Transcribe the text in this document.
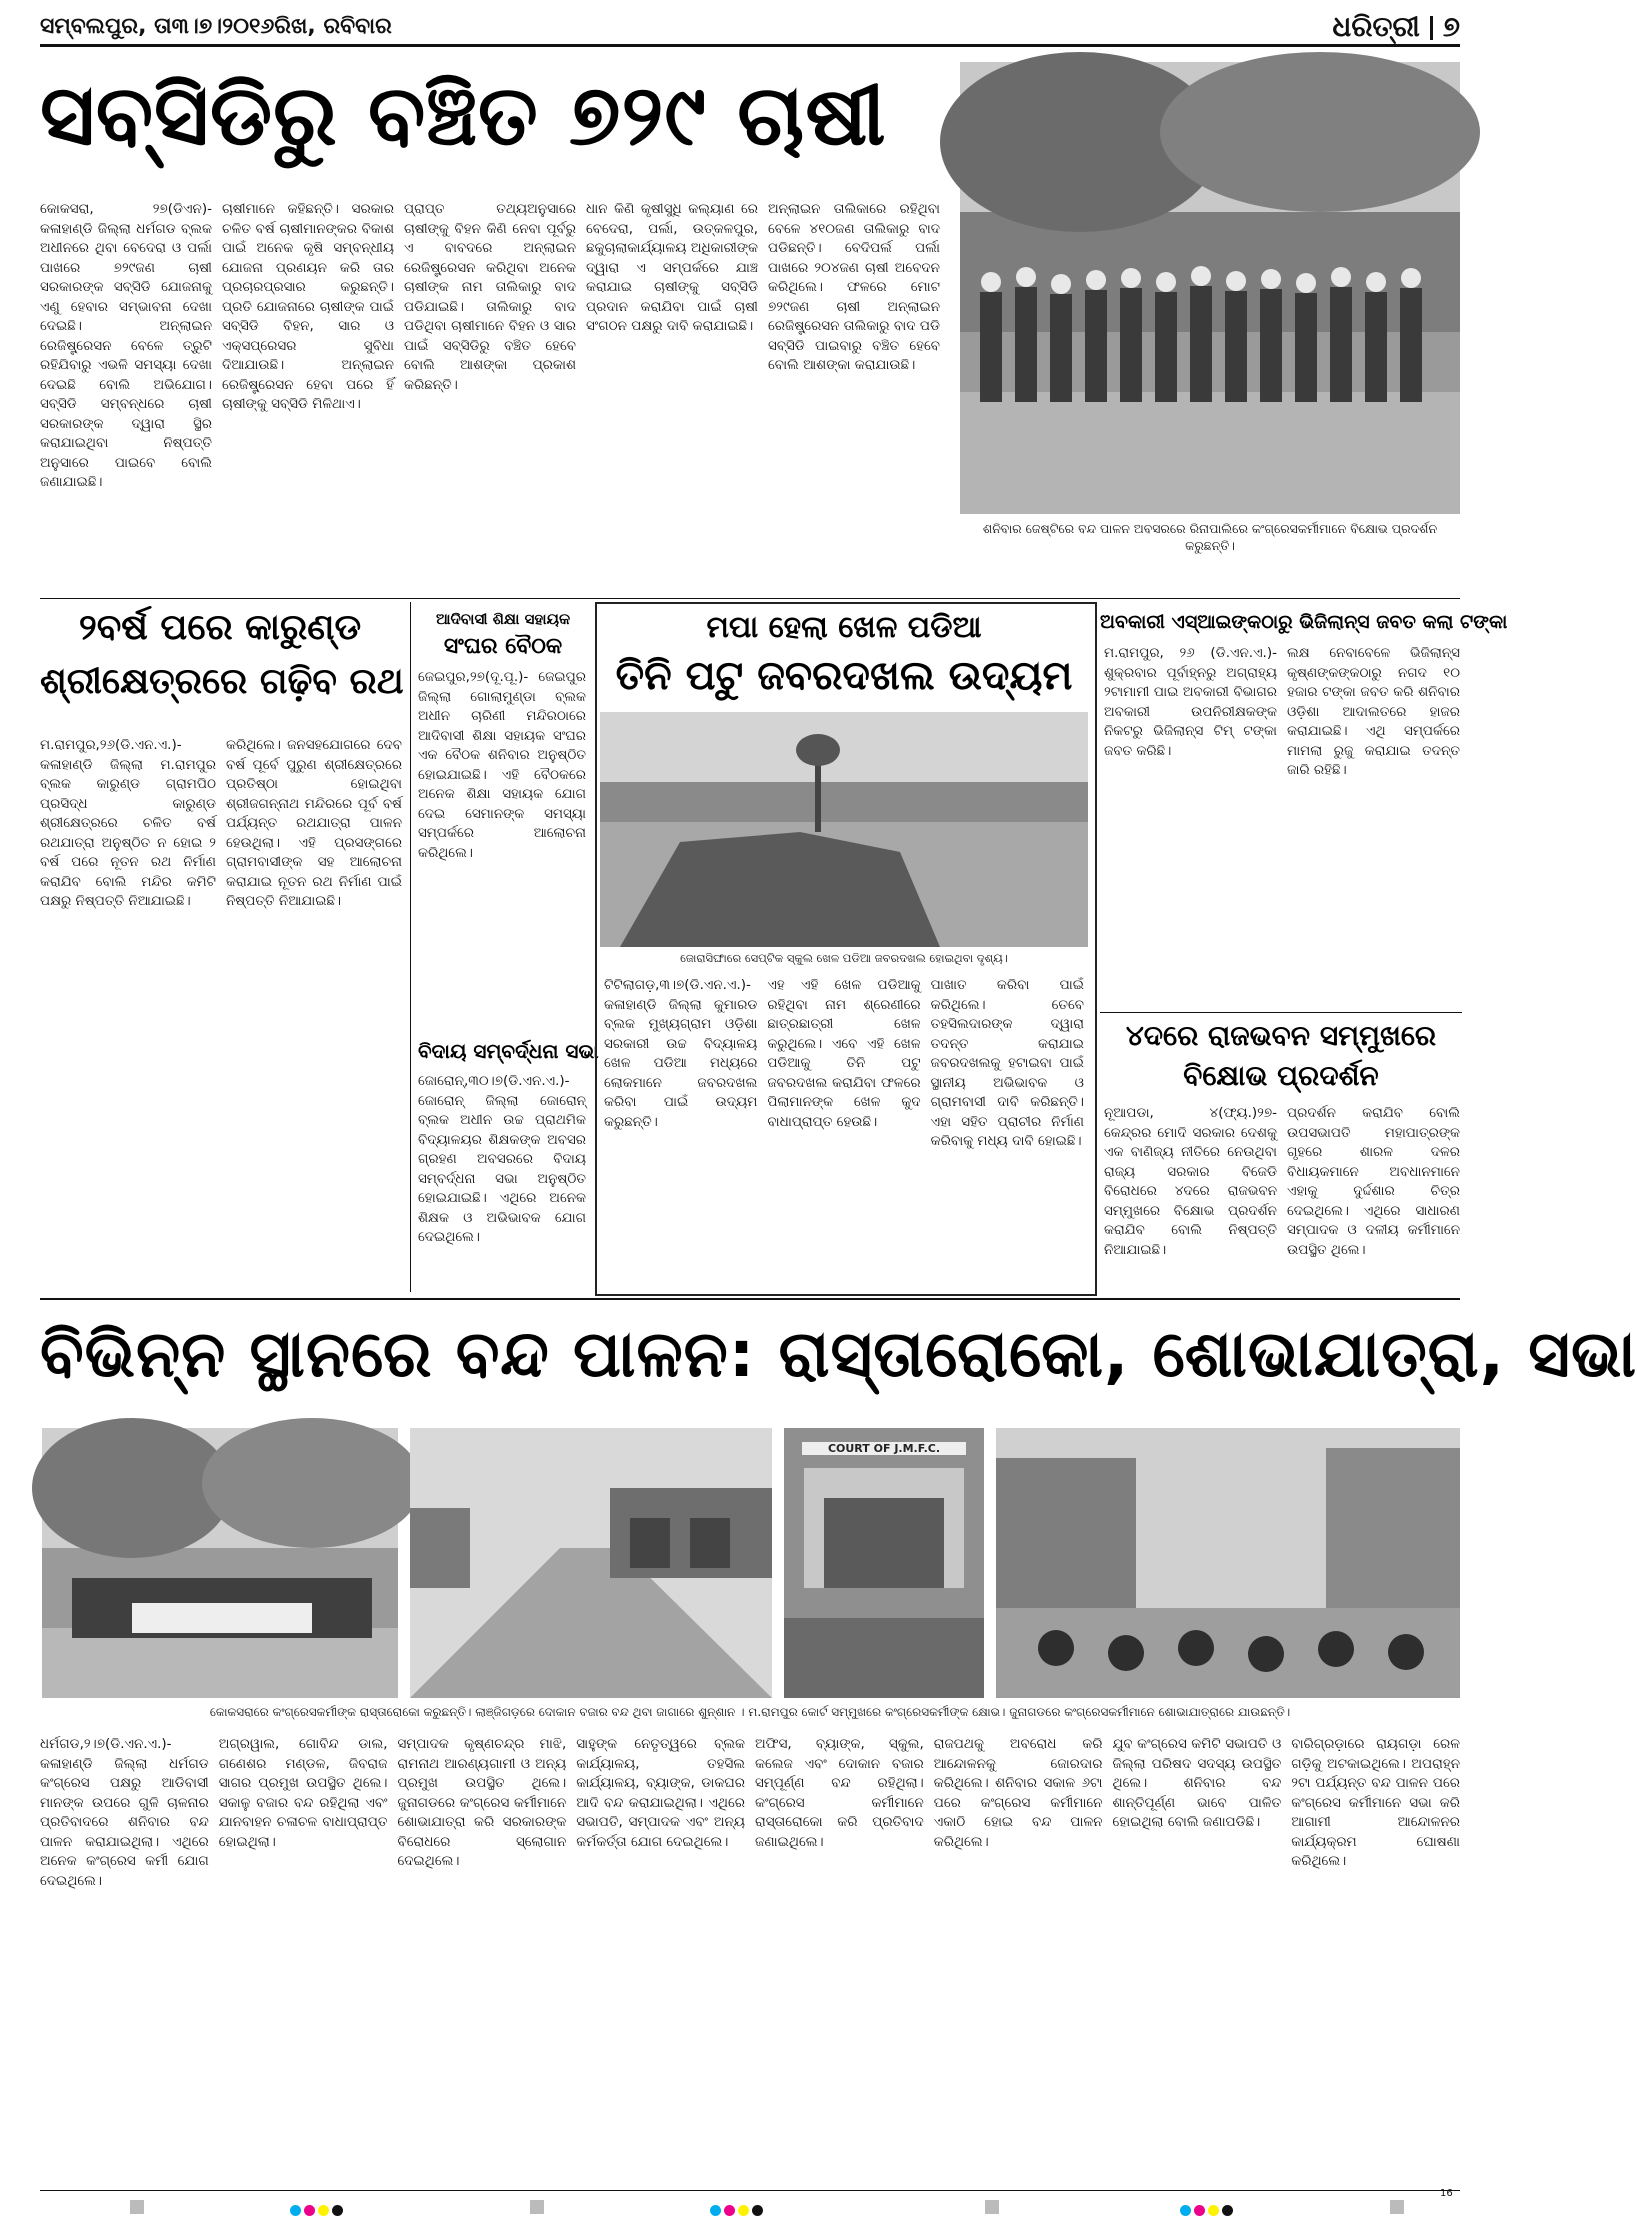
ସମ୍ବଲପୁର, ତା୩।୭।୨୦୧୬ରିଖ, ରବିବାର	ଧରିତ୍ରୀ ୭
ସବ୍‌ସିଡିରୁ ବଞ୍ଚିତ ୭୨୯ ଚାଷୀ
କୋକସରା, ୨୭(ଡିଏନ)- କଳାହାଣ୍ଡି ଜିଲ୍ଲା ଧର୍ମଗଡ ବ୍ଲକ ଅଧୀନରେ ଥିବା ବେଦେରା ଓ ପର୍ଲା ପାଖରେ ୭୨୯ଜଣ ଚାଷୀ ସରକାରଙ୍କ ସବ୍‌ସିଡି ଯୋଜନାକୁ ଏଣୁ ହେବାର ସମ୍ଭାବନା ଦେଖା ଦେଇଛି। ଅନ୍‌ଲାଇନ ରେଜିଷ୍ଟ୍ରେସନ ବେଳେ ତ୍ରୁଟି ରହିଯିବାରୁ ଏଭଳି ସମସ୍ୟା ଦେଖା ଦେଇଛି ବୋଲି ଅଭିଯୋଗ। ସବ୍‌ସିଡି ସମ୍ବନ୍ଧରେ ଚାଷୀ ସରକାରଙ୍କ ଦ୍ୱାରା ସ୍ଥିର କରାଯାଇଥିବା ନିଷ୍ପତ୍ତି ଅନୁସାରେ ପାଇବେ ବୋଲି ଜଣାଯାଇଛି।
ଚାଷୀମାନେ କହିଛନ୍ତି। ସରକାର ଚଳିତ ବର୍ଷ ଚାଷୀମାନଙ୍କର ବିକାଶ ପାଇଁ ଅନେକ କୃଷି ସମ୍ବନ୍ଧୀୟ ଯୋଜନା ପ୍ରଣୟନ କରି ତାର ପ୍ରଚାରପ୍ରସାର କରୁଛନ୍ତି। ପ୍ରତି ଯୋଜନାରେ ଚାଷୀଙ୍କ ପାଇଁ ସବ୍‌ସିଡି ବିହନ, ସାର ଓ ଏକ୍ସପ୍ରେସର ସୁବିଧା ଦିଆଯାଉଛି। ଅନ୍‌ଲାଇନ ରେଜିଷ୍ଟ୍ରେସନ ହେବା ପରେ ହିଁ ଚାଷୀଙ୍କୁ ସବ୍‌ସିଡି ମିଳିଥାଏ।
ପ୍ରାପ୍ତ ତଥ୍ୟଅନୁସାରେ ଚାଷୀଙ୍କୁ ବିହନ କିଣି ନେବା ପୂର୍ବରୁ ଏ ବାବଦରେ ଅନ୍‌ଲାଇନ ରେଜିଷ୍ଟ୍ରେସନ କରିଥିବା ଅନେକ ଚାଷୀଙ୍କ ନାମ ତାଲିକାରୁ ବାଦ ପଡିଯାଇଛି। ତାଲିକାରୁ ବାଦ ପଡିଥିବା ଚାଷୀମାନେ ବିହନ ଓ ସାର ପାଇଁ ସବ୍‌ସିଡିରୁ ବଞ୍ଚିତ ହେବେ ବୋଲି ଆଶଙ୍କା ପ୍ରକାଶ କରିଛନ୍ତି।
ଧାନ କିଣି କୃଷୀସୁଧି କଲ୍ୟାଣ ରେ ବେଦେରା, ପର୍ଲା, ଉତ୍କଳପୁର, ଛକୁଚାଲାକାର୍ଯ୍ୟାଳୟ ଅଧିକାରୀଙ୍କ ଦ୍ୱାରା ଏ ସମ୍ପର୍କରେ ଯାଞ୍ଚ କରାଯାଇ ଚାଷୀଙ୍କୁ ସବ୍‌ସିଡି ପ୍ରଦାନ କରାଯିବା ପାଇଁ ଚାଷୀ ସଂଗଠନ ପକ୍ଷରୁ ଦାବି କରାଯାଇଛି।
ଅନ୍‌ଲାଇନ ତାଲିକାରେ ରହିଥିବା ବେଳେ ୪୧୦ଜଣ ତାଲିକାରୁ ବାଦ ପଡିଛନ୍ତି। ବେଦିପର୍ଲ ପର୍ଲା ପାଖରେ ୨୦୪ଜଣ ଚାଷୀ ଅବେଦନ କରିଥିଲେ। ଫଳରେ ମୋଟ ୭୨୯ଜଣ ଚାଷୀ ଅନ୍‌ଲାଇନ ରେଜିଷ୍ଟ୍ରେସନ ତାଲିକାରୁ ବାଦ ପଡି ସବ୍‌ସିଡି ପାଇବାରୁ ବଞ୍ଚିତ ହେବେ ବୋଲି ଆଶଙ୍କା କରାଯାଉଛି।
ଶନିବାର ଜେଷ୍ଟିରେ ବନ୍ଦ ପାଳନ ଅବସରରେ ରିନାପାଲିରେ କଂଗ୍ରେସକର୍ମୀମାନେ ବିକ୍ଷୋଭ ପ୍ରଦର୍ଶନ କରୁଛନ୍ତି।
୨ବର୍ଷ ପରେ କାରୁଣ୍ଡ
ଶ୍ରୀକ୍ଷେତ୍ରରେ ଗଢ଼ିବ ରଥ
ମ.ରାମପୁର,୨୬(ଡି.ଏନ.ଏ.)- କଳାହାଣ୍ଡି ଜିଲ୍ଲା ମ.ରାମପୁର ବ୍ଲକ କାରୁଣ୍ଡ ଗ୍ରାମପିଠ ପ୍ରସିଦ୍ଧ କାରୁଣ୍ଡ ଶ୍ରୀକ୍ଷେତ୍ରରେ ଚଳିତ ବର୍ଷ ରଥଯାତ୍ରା ଅନୁଷ୍ଠିତ ନ ହୋଇ ୨ ବର୍ଷ ପରେ ନୂତନ ରଥ ନିର୍ମାଣ କରାଯିବ ବୋଲି ମନ୍ଦିର କମିଟି ପକ୍ଷରୁ ନିଷ୍ପତ୍ତି ନିଆଯାଇଛି।
କରିଥିଲେ। ଜନସହଯୋଗରେ ଦେବ ବର୍ଷ ପୂର୍ବେ ପୁରୁଣ ଶ୍ରୀକ୍ଷେତ୍ରରେ ପ୍ରତିଷ୍ଠା ହୋଇଥିବା ଶ୍ରୀଜଗନ୍ନାଥ ମନ୍ଦିରରେ ପୂର୍ବ ବର୍ଷ ପର୍ଯ୍ୟନ୍ତ ରଥଯାତ୍ରା ପାଳନ ହେଉଥିଲା। ଏହି ପ୍ରସଙ୍ଗରେ ଗ୍ରାମବାସୀଙ୍କ ସହ ଆଲୋଚନା କରାଯାଇ ନୂତନ ରଥ ନିର୍ମାଣ ପାଇଁ ନିଷ୍ପତ୍ତି ନିଆଯାଇଛି।
ଆଦିବାସୀ ଶିକ୍ଷା ସହାୟକ
ସଂଘର ବୈଠକ
ଜେଇପୁର,୨୭(ଦୂ.ପୂ.)- ଜେଇପୁର ଜିଲ୍ଲା ଗୋଲାମୁଣ୍ଡା ବ୍ଲକ ଅଧୀନ ଚାରିଣୀ ମନ୍ଦିରଠାରେ ଆଦିବାସୀ ଶିକ୍ଷା ସହାୟକ ସଂଘର ଏକ ବୈଠକ ଶନିବାର ଅନୁଷ୍ଠିତ ହୋଇଯାଇଛି। ଏହି ବୈଠକରେ ଅନେକ ଶିକ୍ଷା ସହାୟକ ଯୋଗ ଦେଇ ସେମାନଙ୍କ ସମସ୍ୟା ସମ୍ପର୍କରେ ଆଲୋଚନା କରିଥିଲେ।
ବିଦାୟ ସମ୍ବର୍ଦ୍ଧନା ସଭା
ଜୋରୋନ୍,୩୦।୭(ଡି.ଏନ.ଏ.)- ଜୋରୋନ୍ ଜିଲ୍ଲା ଜୋରୋନ୍ ବ୍ଲକ ଅଧୀନ ଉଚ୍ଚ ପ୍ରାଥମିକ ବିଦ୍ୟାଳୟର ଶିକ୍ଷକଙ୍କ ଅବସର ଗ୍ରହଣ ଅବସରରେ ବିଦାୟ ସମ୍ବର୍ଦ୍ଧନା ସଭା ଅନୁଷ୍ଠିତ ହୋଇଯାଇଛି। ଏଥିରେ ଅନେକ ଶିକ୍ଷକ ଓ ଅଭିଭାବକ ଯୋଗ ଦେଇଥିଲେ।
ମପା ହେଲା ଖେଳ ପଡିଆ
ତିନି ପଟୁ ଜବରଦଖଲ ଉଦ୍ୟମ
ଜୋରାସିଙ୍ଘାରେ ସେପ୍ଟିକ ସ୍କୁଲ ଖେଳ ପଡିଆ ଜବରଦଖଲ ହୋଇଥିବା ଦୃଶ୍ୟ।
ଟିଟିଲାଗଡ଼,୩।୭(ଡି.ଏନ.ଏ.)- କଳାହାଣ୍ଡି ଜିଲ୍ଲା କୁମାରଡ ବ୍ଲକ ମୁଖ୍ୟଗ୍ରାମ ଓଡ଼ିଶା ସରକାରୀ ଉଚ୍ଚ ବିଦ୍ୟାଳୟ ଖେଳ ପଡିଆ ମଧ୍ୟରେ ଲୋକମାନେ ଜବରଦଖଲ କରିବା ପାଇଁ ଉଦ୍ୟମ କରୁଛନ୍ତି।
ଏହ ଏହି ଖେଳ ପଡିଆକୁ ରହିଥିବା ନାମ ଶ୍ରେଣୀରେ ଛାତ୍ରଛାତ୍ରୀ ଖେଳ କରୁଥିଲେ। ଏବେ ଏହି ଖେଳ ପଡିଆକୁ ତିନି ପଟୁ ଜବରଦଖଲ କରାଯିବା ଫଳରେ ପିଲାମାନଙ୍କ ଖେଳ କୁଦ ବାଧାପ୍ରାପ୍ତ ହେଉଛି।
ପାଖାତ କରିବା ପାଇଁ କରିଥିଲେ। ତେବେ ତହସିଲଦାରଙ୍କ ଦ୍ୱାରା ତଦନ୍ତ କରାଯାଇ ଜବରଦଖଲକୁ ହଟାଇବା ପାଇଁ ସ୍ଥାନୀୟ ଅଭିଭାବକ ଓ ଗ୍ରାମବାସୀ ଦାବି କରିଛନ୍ତି। ଏହା ସହିତ ପ୍ରାଚୀର ନିର୍ମାଣ କରିବାକୁ ମଧ୍ୟ ଦାବି ହୋଇଛି।
ଅବକାରୀ ଏସ୍‌ଆଇଙ୍କଠାରୁ ଭିଜିଲାନ୍ସ ଜବତ କଲା ଟଙ୍କା
ମ.ରାମପୁର, ୨୬ (ଡି.ଏନ.ଏ.)- ଶୁକ୍ରବାର ପୂର୍ବାହ୍ନରୁ ଅଗ୍ରାହ୍ୟ ୨ଟାମାମୀ ପାଇ ଅବକାରୀ ବିଭାଗର ଅବକାରୀ ଉପନିରୀକ୍ଷକଙ୍କ ନିକଟରୁ ଭିଜିଲାନ୍ସ ଟିମ୍ ଟଙ୍କା ଜବତ କରିଛି।
ଲକ୍ଷ ନେବାବେଳେ ଭିଜିଲାନ୍ସ କୃଷ୍ଣଙ୍କଙ୍କଠାରୁ ନଗଦ ୧୦ ହଜାର ଟଙ୍କା ଜବତ କରି ଶନିବାର ଓଡ଼ିଶା ଆଦାଲତରେ ହାଜର କରାଯାଇଛି। ଏଥି ସମ୍ପର୍କରେ ମାମଲା ରୁଜୁ କରାଯାଇ ତଦନ୍ତ ଜାରି ରହିଛି।
୪ଦରେ ରାଜଭବନ ସମ୍ମୁଖରେ
ବିକ୍ଷୋଭ ପ୍ରଦର୍ଶନ
ନୂଆପଡା, ୪(ଫ୍ୟ.)୨୭- କେନ୍ଦ୍ରର ମୋଦି ସରକାର ଦେଶକୁ ଏକ ବାଣିଜ୍ୟ ନୀତିରେ ନେଉଥିବା ରାଜ୍ୟ ସରକାର ବିଜେଡି ବିରୋଧରେ ୪ଦରେ ରାଜଭବନ ସମ୍ମୁଖରେ ବିକ୍ଷୋଭ ପ୍ରଦର୍ଶନ କରାଯିବ ବୋଲି ନିଷ୍ପତ୍ତି ନିଆଯାଇଛି।
ପ୍ରଦର୍ଶନ କରାଯିବ ବୋଲି ଉପସଭାପତି ମହାପାତ୍ରଙ୍କ ଗୃହରେ ଶାରଳ ଦଳର ବିଧାୟକମାନେ ଅବଧାନମାନେ ଏହାକୁ ଦୁର୍ଦ୍ଦଶାର ଚିତ୍ର ଦେଇଥିଲେ। ଏଥିରେ ସାଧାରଣ ସମ୍ପାଦକ ଓ ଦଳୀୟ କର୍ମୀମାନେ ଉପସ୍ଥିତ ଥିଲେ।
ବିଭିନ୍ନ ସ୍ଥାନରେ ବନ୍ଦ ପାଳନ: ରାସ୍ତାରୋକୋ, ଶୋଭାଯାତ୍ରା, ସଭା
COURT OF J.M.F.C.
କୋକସରାରେ କଂଗ୍ରେସକର୍ମୀଙ୍କ ରାସ୍ତାରୋକୋ କରୁଛନ୍ତି। ଲାଞ୍ଜିଗଡ଼ରେ ଦୋକାନ ବଜାର ବନ୍ଦ ଥିବା ଜାଗାରେ ଶୁନ୍‌ଶାନ । ମ.ରାମପୁର କୋର୍ଟ ସମ୍ମୁଖରେ କଂଗ୍ରେସକର୍ମୀଙ୍କ କ୍ଷୋଭ। ଜୁନାଗଡରେ କଂଗ୍ରେସକର୍ମୀମାନେ ଶୋଭାଯାତ୍ରାରେ ଯାଉଛନ୍ତି।
ଧର୍ମଗଡ,୨।୭(ଡି.ଏନ.ଏ.)- କଳାହାଣ୍ଡି ଜିଲ୍ଲା ଧର୍ମଗଡ କଂଗ୍ରେସ ପକ୍ଷରୁ ଆଡିବାସୀ ମାନଙ୍କ ଉପରେ ଗୁଳି ଚାଳନାର ପ୍ରତିବାଦରେ ଶନିବାର ବନ୍ଦ ପାଳନ କରାଯାଇଥିଲା। ଏଥିରେ ଅନେକ କଂଗ୍ରେସ କର୍ମୀ ଯୋଗ ଦେଇଥିଲେ।
ଅଗ୍ରୱାଲ, ଗୋବିନ୍ଦ ଡାଲ, ଗଣେଶର ମଣ୍ଡଳ, ଜିବରାଜ ସାଗର ପ୍ରମୁଖ ଉପସ୍ଥିତ ଥିଲେ। ସକାଳୁ ବଜାର ବନ୍ଦ ରହିଥିଲା ଏବଂ ଯାନବାହନ ଚଳାଚଳ ବାଧାପ୍ରାପ୍ତ ହୋଇଥିଲା।
ସମ୍ପାଦକ କୃଷ୍ଣଚନ୍ଦ୍ର ମାଝି, ରାମନାଥ ଆରଣ୍ୟଗାମୀ ଓ ଅନ୍ୟ ପ୍ରମୁଖ ଉପସ୍ଥିତ ଥିଲେ। ଜୁନାଗଡରେ କଂଗ୍ରେସ କର୍ମୀମାନେ ଶୋଭାଯାତ୍ରା କରି ସରକାରଙ୍କ ବିରୋଧରେ ସ୍ଲୋଗାନ ଦେଇଥିଲେ।
ସାହୁଙ୍କ ନେତୃତ୍ୱରେ ବ୍ଲକ କାର୍ଯ୍ୟାଳୟ, ତହସିଲ କାର୍ଯ୍ୟାଳୟ, ବ୍ୟାଙ୍କ, ଡାକଘର ଆଦି ବନ୍ଦ କରାଯାଇଥିଲା। ଏଥିରେ ସଭାପତି, ସମ୍ପାଦକ ଏବଂ ଅନ୍ୟ କର୍ମକର୍ତ୍ତା ଯୋଗ ଦେଇଥିଲେ।
ଅଫିସ, ବ୍ୟାଙ୍କ, ସ୍କୁଲ, କଲେଜ ଏବଂ ଦୋକାନ ବଜାର ସମ୍ପୂର୍ଣ୍ଣ ବନ୍ଦ ରହିଥିଲା। କଂଗ୍ରେସ କର୍ମୀମାନେ ରାସ୍ତାରୋକୋ କରି ପ୍ରତିବାଦ ଜଣାଇଥିଲେ।
ରାଜପଥକୁ ଅବରୋଧ କରି ଆନ୍ଦୋଳନକୁ ଜୋରଦାର କରିଥିଲେ। ଶନିବାର ସକାଳ ୬ଟା ପରେ କଂଗ୍ରେସ କର୍ମୀମାନେ ଏକାଠି ହୋଇ ବନ୍ଦ ପାଳନ କରିଥିଲେ।
ଯୁବ କଂଗ୍ରେସ କମିଟି ସଭାପତି ଓ ଜିଲ୍ଲା ପରିଷଦ ସଦସ୍ୟ ଉପସ୍ଥିତ ଥିଲେ। ଶନିବାର ବନ୍ଦ ଶାନ୍ତିପୂର୍ଣ୍ଣ ଭାବେ ପାଳିତ ହୋଇଥିଲା ବୋଲି ଜଣାପଡିଛି।
ବାରିଗ୍ରଡ଼ାରେ ରାୟଗଡ଼ା ରେଳ ଗଡ଼ିକୁ ଅଟକାଇଥିଲେ। ଅପରାହ୍ନ ୨ଟା ପର୍ଯ୍ୟନ୍ତ ବନ୍ଦ ପାଳନ ପରେ କଂଗ୍ରେସ କର୍ମୀମାନେ ସଭା କରି ଆଗାମୀ ଆନ୍ଦୋଳନର କାର୍ଯ୍ୟକ୍ରମ ଘୋଷଣା କରିଥିଲେ।
16
